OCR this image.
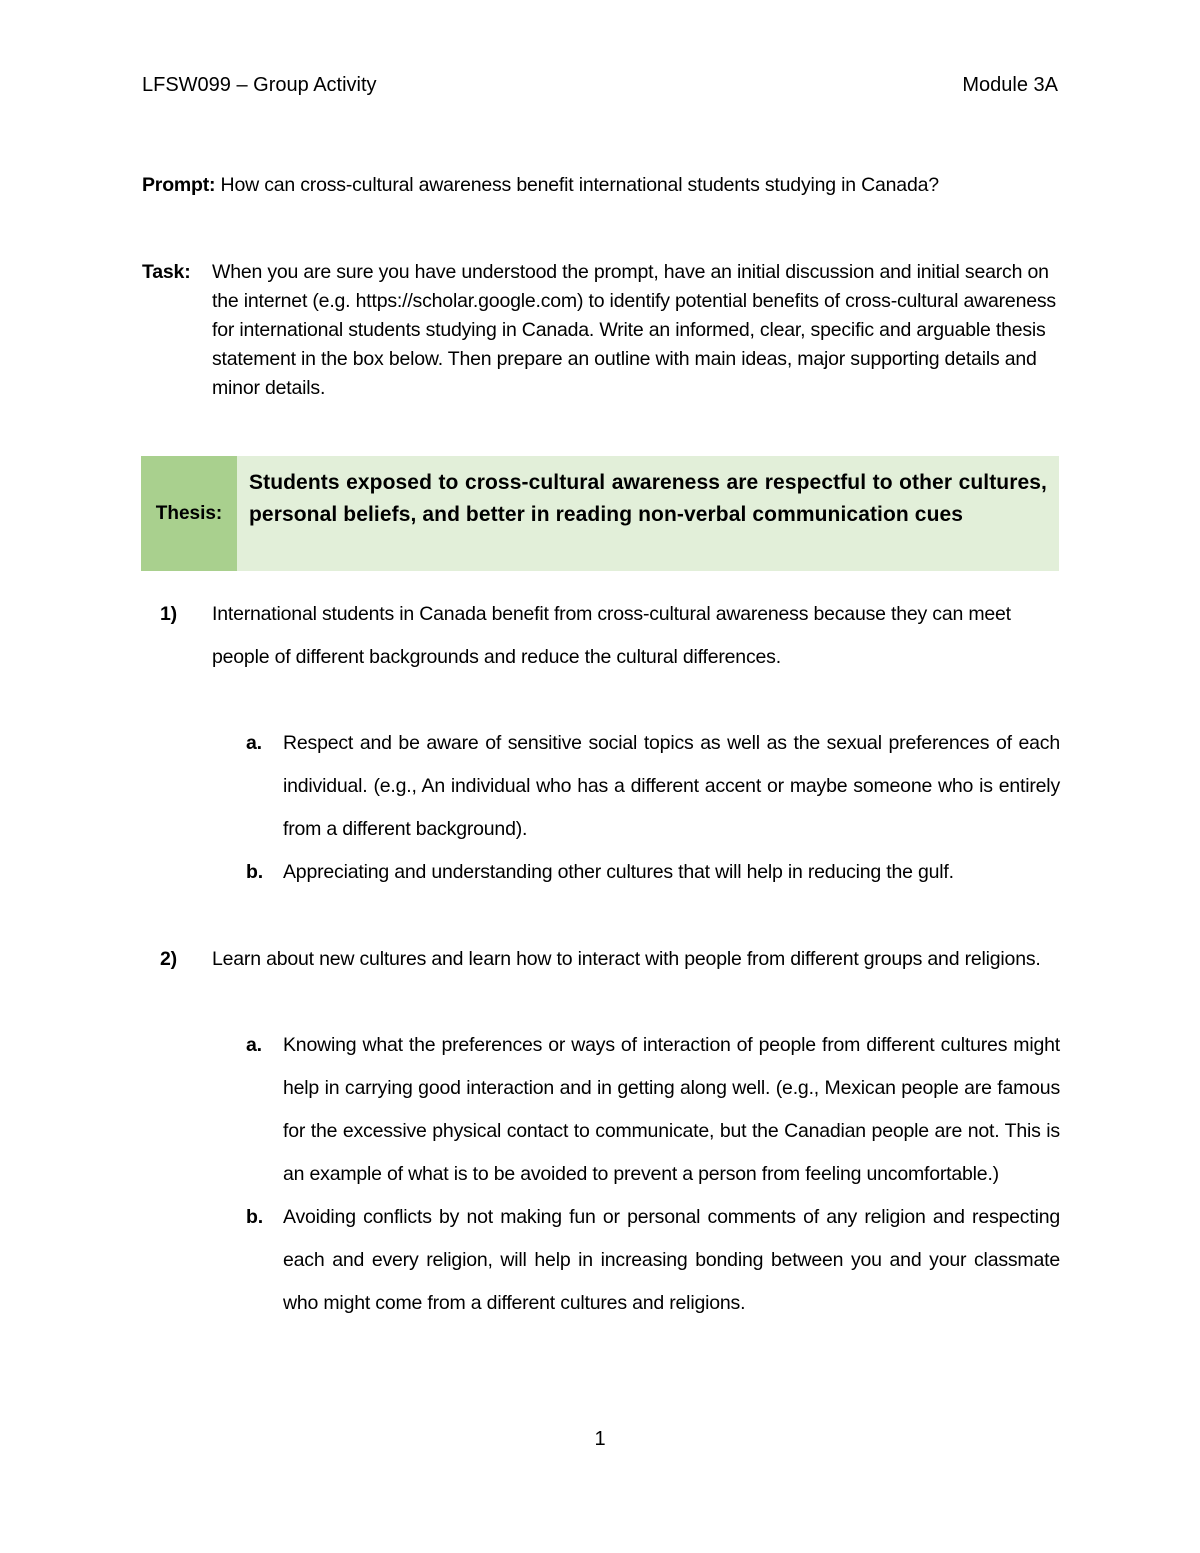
LFSW099 – Group Activity	Module 3A
Prompt: How can cross-cultural awareness benefit international students studying in Canada?
Task: When you are sure you have understood the prompt, have an initial discussion and initial search on the internet (e.g. https://scholar.google.com) to identify potential benefits of cross-cultural awareness for international students studying in Canada. Write an informed, clear, specific and arguable thesis statement in the box below. Then prepare an outline with main ideas, major supporting details and minor details.
Thesis:
Students exposed to cross-cultural awareness are respectful to other cultures, personal beliefs, and better in reading non-verbal communication cues
1) International students in Canada benefit from cross-cultural awareness because they can meet people of different backgrounds and reduce the cultural differences.
a. Respect and be aware of sensitive social topics as well as the sexual preferences of each individual. (e.g., An individual who has a different accent or maybe someone who is entirely from a different background).
b. Appreciating and understanding other cultures that will help in reducing the gulf.
2) Learn about new cultures and learn how to interact with people from different groups and religions.
a. Knowing what the preferences or ways of interaction of people from different cultures might help in carrying good interaction and in getting along well. (e.g., Mexican people are famous for the excessive physical contact to communicate, but the Canadian people are not. This is an example of what is to be avoided to prevent a person from feeling uncomfortable.)
b. Avoiding conflicts by not making fun or personal comments of any religion and respecting each and every religion, will help in increasing bonding between you and your classmate who might come from a different cultures and religions.
1
